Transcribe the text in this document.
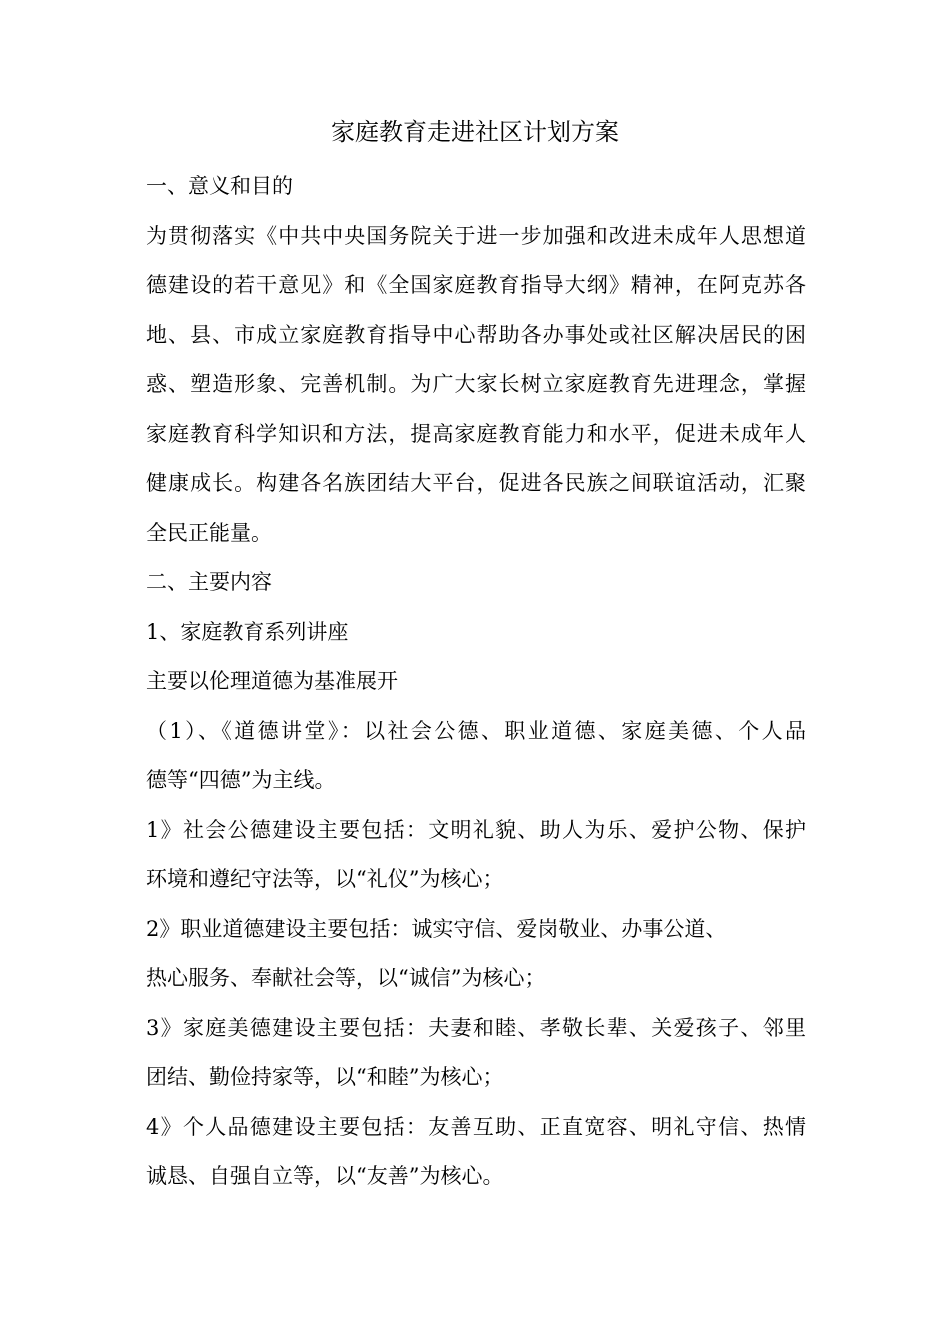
家庭教育走进社区计划方案
一、意义和目的
为贯彻落实《中共中央国务院关于进一步加强和改进未成年人思想道
德建设的若干意见》和《全国家庭教育指导大纲》精神，在阿克苏各
地、县、市成立家庭教育指导中心帮助各办事处或社区解决居民的困
惑、塑造形象、完善机制。为广大家长树立家庭教育先进理念，掌握
家庭教育科学知识和方法，提高家庭教育能力和水平，促进未成年人
健康成长。构建各名族团结大平台，促进各民族之间联谊活动，汇聚
全民正能量。
二、主要内容
1、家庭教育系列讲座
主要以伦理道德为基准展开
（1）、《道德讲堂》：以社会公德、职业道德、家庭美德、个人品
德等“四德”为主线。
1》社会公德建设主要包括：文明礼貌、助人为乐、爱护公物、保护
环境和遵纪守法等，以“礼仪”为核心；
2》职业道德建设主要包括：诚实守信、爱岗敬业、办事公道、
热心服务、奉献社会等，以“诚信”为核心；
3》家庭美德建设主要包括：夫妻和睦、孝敬长辈、关爱孩子、邻里
团结、勤俭持家等，以“和睦”为核心；
4》个人品德建设主要包括：友善互助、正直宽容、明礼守信、热情
诚恳、自强自立等，以“友善”为核心。
